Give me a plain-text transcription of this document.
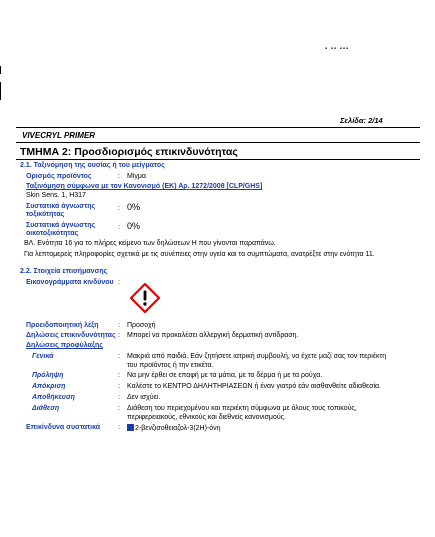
▪ ▪▪ ▪▪▪
Σελίδα: 2/14
VIVECRYL PRIMER
ΤΜΗΜΑ 2: Προσδιορισμός επικινδυνότητας
2.1. Ταξινόμηση της ουσίας ή του μείγματος
Ορισμός προϊόντος	: Μίγμα
Ταξινόμηση σύμφωνα με τον Κανονισμό (ΕΚ) Αρ. 1272/2008 [CLP/GHS]
Skin Sens. 1, H317
Συστατικά άγνωστης
τοξικότητας
: 0%
Συστατικά άγνωστης
οικοτοξικότητας
: 0%
ΒΛ. Ενότητα 16 για το πλήρες κείμενο των δηλώσεων Η που γίνονται παραπάνω.
Για λεπτομερείς πληροφορίες σχετικά με τις συνέπειες στην υγεία και τα συμπτώματα, ανατρέξτε στην ενότητα 11.
2.2. Στοιχεία επισήμανσης
Εικονογράμματα κινδύνου :
Προειδοποιητική λέξη	: Προσοχή
Δηλώσεις επικινδυνότητας : Μπορεί να προκαλέσει αλλεργική δερματική αντίδραση.
Δηλώσεις προφύλαξης
Γενικά	: Μακριά από παιδιά. Εάν ζητήσετε ιατρική συμβουλή, να έχετε μαζί σας τον περιέκτη
του προϊόντος ή την ετικέτα.
Πρόληψη	: Να μην έρθει σε επαφή με τα μάτια, με το δέρμα ή με τα ρούχα.
Απόκριση	: Καλέστε το ΚΕΝΤΡΟ ΔΗΛΗΤΗΡΙΑΣΕΩΝ ή έναν γιατρό εάν αισθανθείτε αδιαθεσία.
Αποθήκευση	: Δεν ισχύει.
Διάθεση	: Διάθεση του περιεχομένου και περιέκτη σύμφωνα με όλους τους τοπικούς,
περιφερειακούς, εθνικούς και διεθνείς κανονισμούς.
Επικίνδυνα συστατικά	:	2-βενζισοθειαζολ-3(2Η)-όνη
